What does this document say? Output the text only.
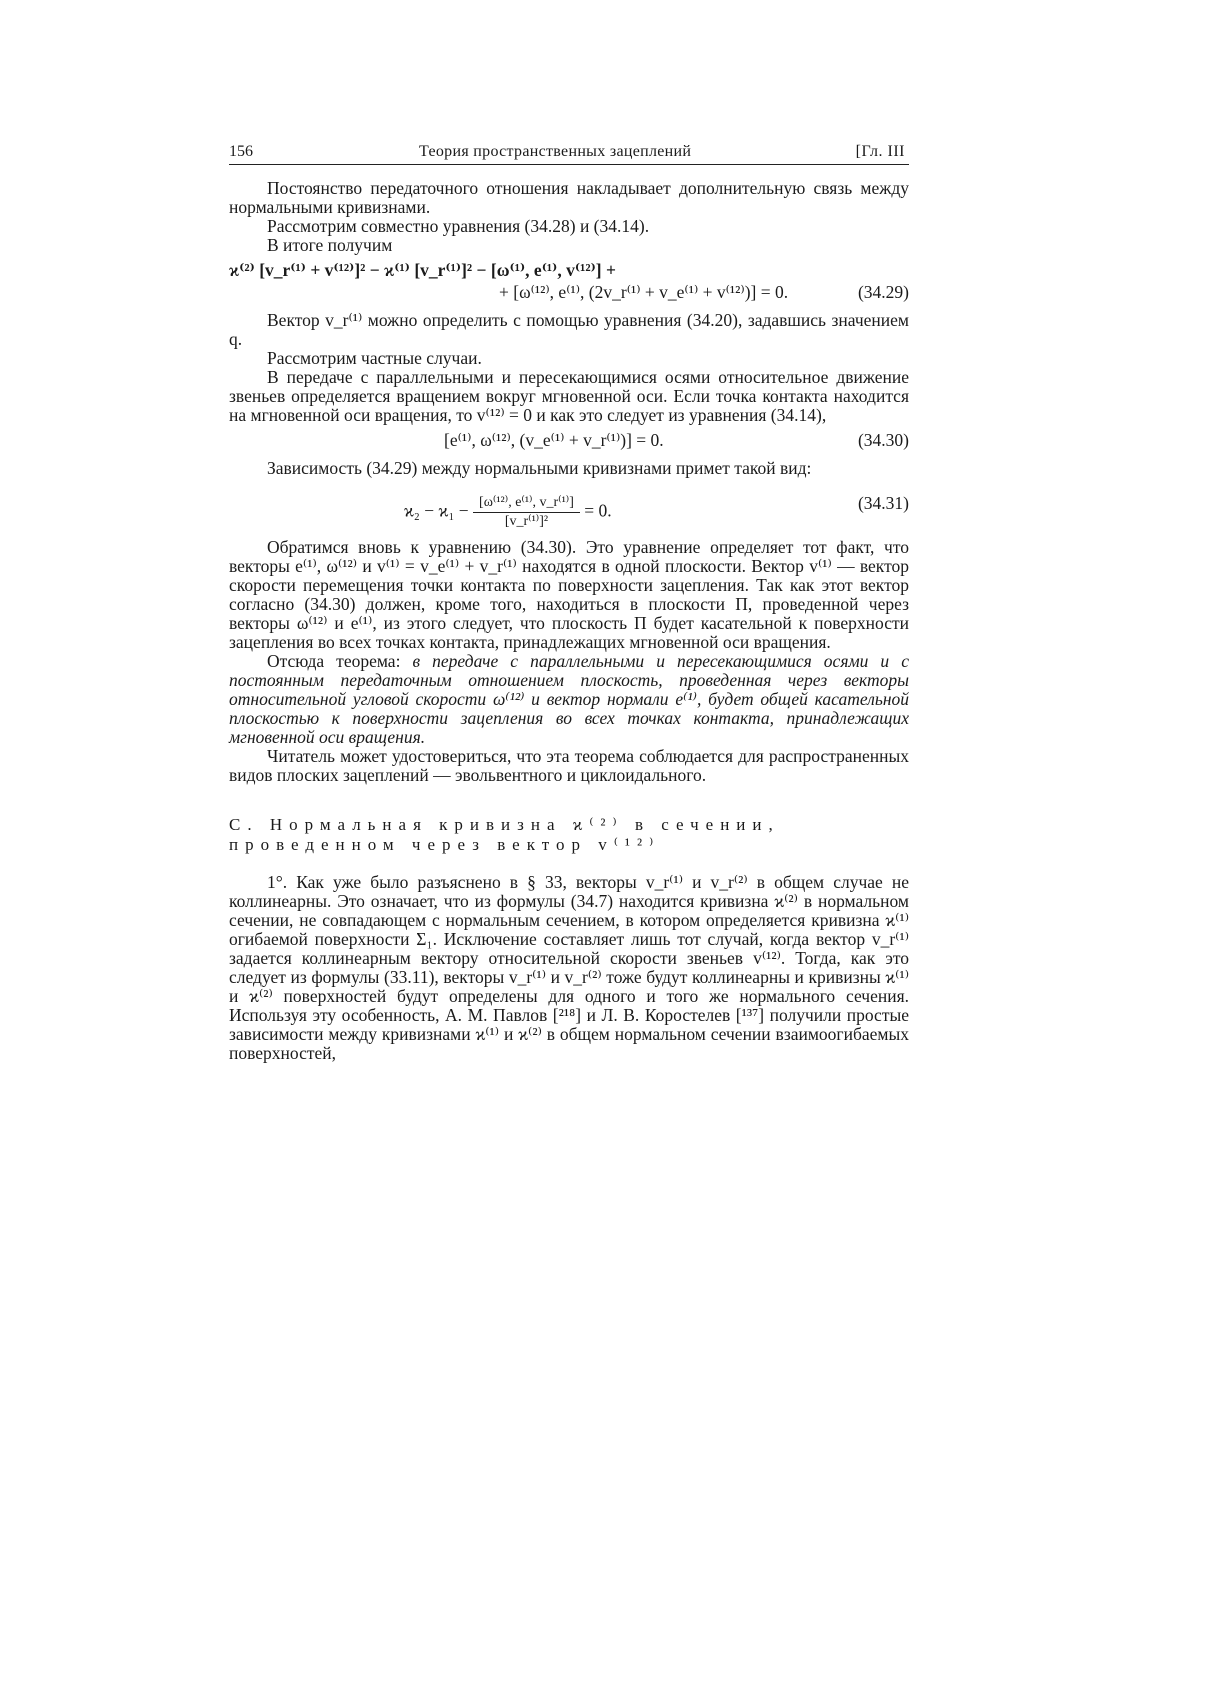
156	Теория пространственных зацеплений	[Гл. III

Постоянство передаточного отношения накладывает дополнительную связь между нормальными кривизнами.

Рассмотрим совместно уравнения (34.28) и (34.14).

В итоге получим

ϰ⁽²⁾ [v_r⁽¹⁾ + v⁽¹²⁾]² − ϰ⁽¹⁾ [v_r⁽¹⁾]² − [ω⁽¹⁾, e⁽¹⁾, v⁽¹²⁾] +
+ [ω⁽¹²⁾, e⁽¹⁾, (2v_r⁽¹⁾ + v_e⁽¹⁾ + v⁽¹²⁾)] = 0.	(34.29)

Вектор v_r⁽¹⁾ можно определить с помощью уравнения (34.20), задавшись значением q.

Рассмотрим частные случаи.

В передаче с параллельными и пересекающимися осями относительное движение звеньев определяется вращением вокруг мгновенной оси. Если точка контакта находится на мгновенной оси вращения, то v⁽¹²⁾ = 0 и как это следует из уравнения (34.14),

[e⁽¹⁾, ω⁽¹²⁾, (v_e⁽¹⁾ + v_r⁽¹⁾)] = 0.	(34.30)

Зависимость (34.29) между нормальными кривизнами примет такой вид:

$ϰ_2 - ϰ_1 - \frac{\text{[ω⁽¹²⁾, e⁽¹⁾, v\_r⁽¹⁾]}}{\text{[v\_r⁽¹⁾]²}} = 0$.	(34.31)

Обратимся вновь к уравнению (34.30). Это уравнение определяет тот факт, что векторы e⁽¹⁾, ω⁽¹²⁾ и v⁽¹⁾ = v_e⁽¹⁾ + v_r⁽¹⁾ находятся в одной плоскости. Вектор v⁽¹⁾ — вектор скорости перемещения точки контакта по поверхности зацепления. Так как этот вектор согласно (34.30) должен, кроме того, находиться в плоскости П, проведенной через векторы ω⁽¹²⁾ и e⁽¹⁾, из этого следует, что плоскость П будет касательной к поверхности зацепления во всех точках контакта, принадлежащих мгновенной оси вращения.

Отсюда теорема: в передаче с параллельными и пересекающимися осями и с постоянным передаточным отношением плоскость, проведенная через векторы относительной угловой скорости ω⁽¹²⁾ и вектор нормали e⁽¹⁾, будет общей касательной плоскостью к поверхности зацепления во всех точках контакта, принадлежащих мгновенной оси вращения.

Читатель может удостовериться, что эта теорема соблюдается для распространенных видов плоских зацеплений — эвольвентного и циклоидального.

С. Нормальная кривизна ϰ⁽²⁾ в сечении,
проведенном через вектор v⁽¹²⁾

1°. Как уже было разъяснено в § 33, векторы v_r⁽¹⁾ и v_r⁽²⁾ в общем случае не коллинеарны. Это означает, что из формулы (34.7) находится кривизна ϰ⁽²⁾ в нормальном сечении, не совпадающем с нормальным сечением, в котором определяется кривизна ϰ⁽¹⁾ огибаемой поверхности Σ₁. Исключение составляет лишь тот случай, когда вектор v_r⁽¹⁾ задается коллинеарным вектору относительной скорости звеньев v⁽¹²⁾. Тогда, как это следует из формулы (33.11), векторы v_r⁽¹⁾ и v_r⁽²⁾ тоже будут коллинеарны и кривизны ϰ⁽¹⁾ и ϰ⁽²⁾ поверхностей будут определены для одного и того же нормального сечения. Используя эту особенность, А. М. Павлов [²¹⁸] и Л. В. Коростелев [¹³⁷] получили простые зависимости между кривизнами ϰ⁽¹⁾ и ϰ⁽²⁾ в общем нормальном сечении взаимоогибаемых поверхностей,
